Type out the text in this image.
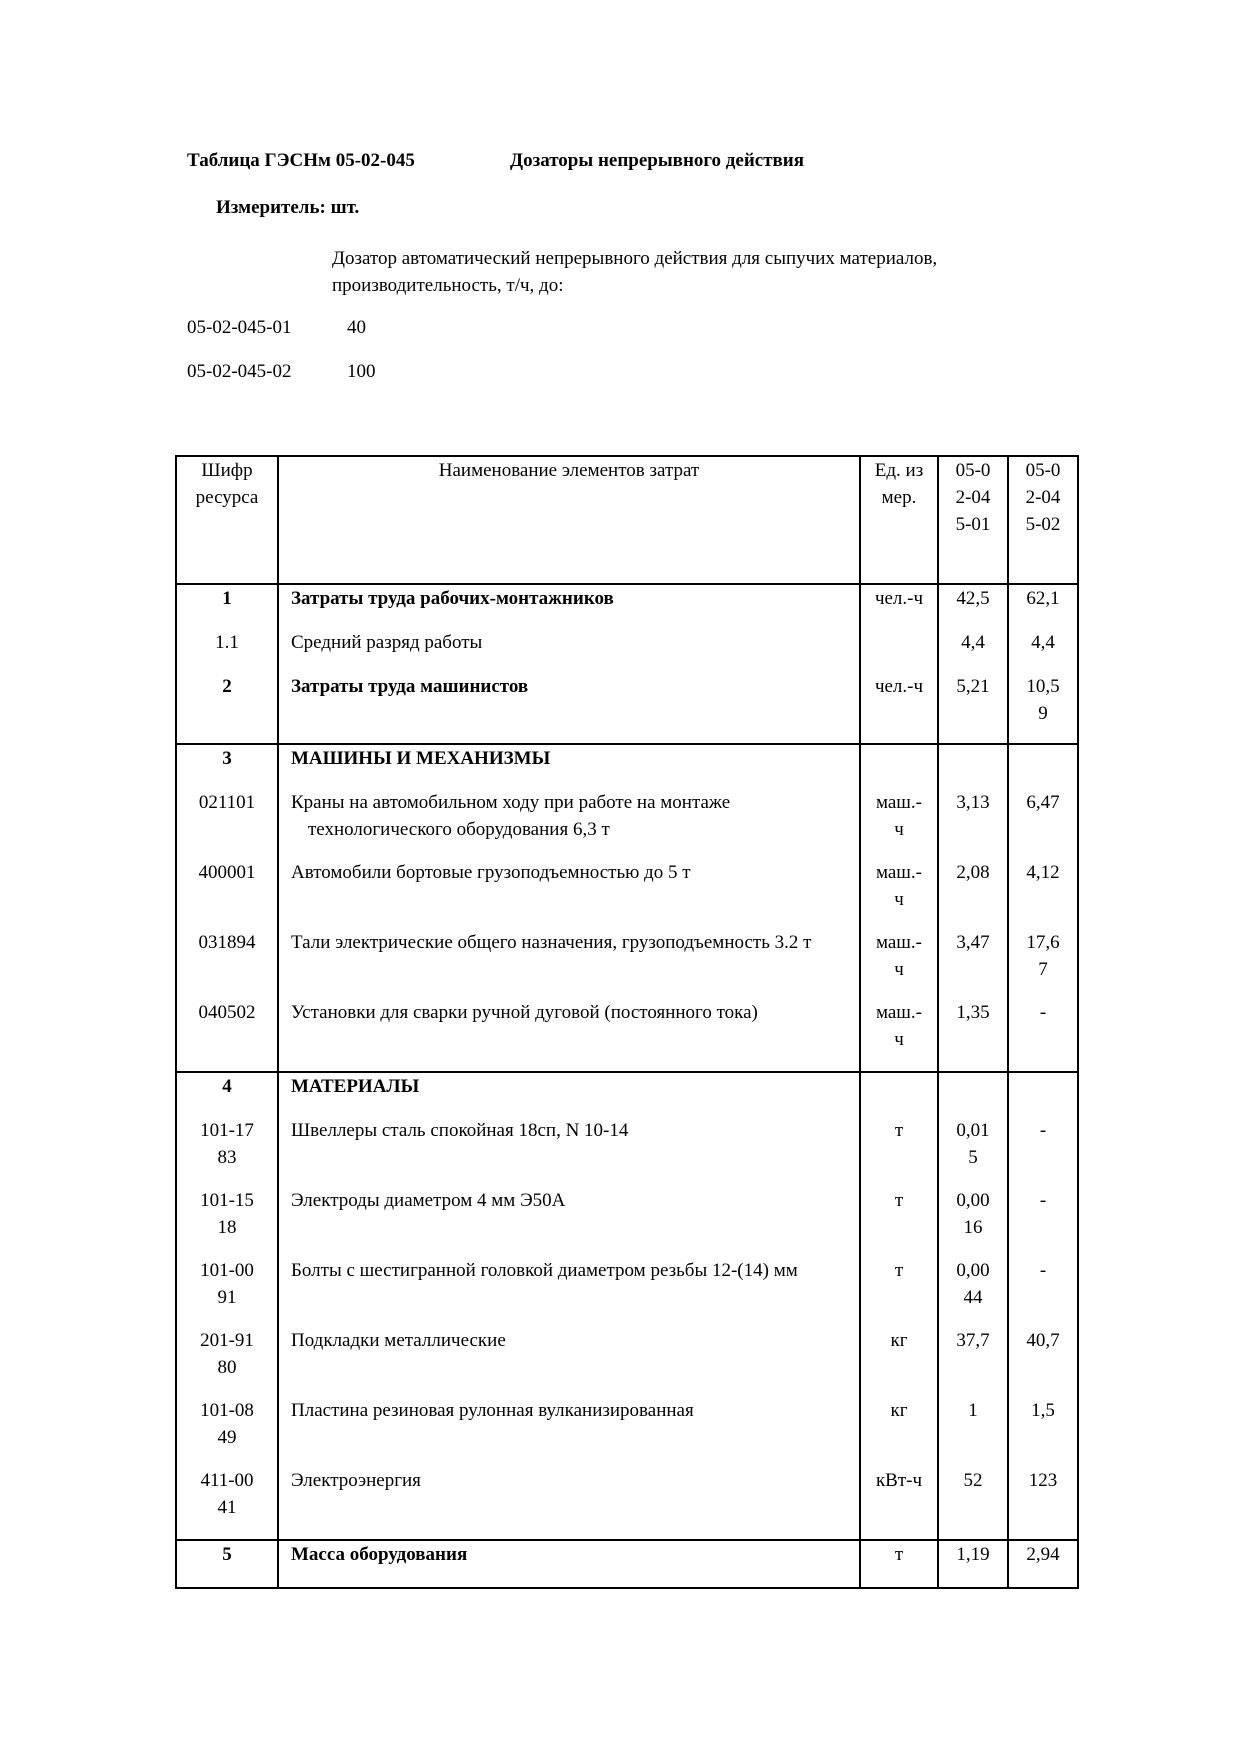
Таблица ГЭСНм 05-02-045	Дозаторы непрерывного действия
Измеритель: шт.
Дозатор автоматический непрерывного действия для сыпучих материалов,
производительность, т/ч, до:
05-02-045-01	40
05-02-045-02	100
Шифр ресурса	Наименование элементов затрат	Ед. измер.	05-02-045-01	05-02-045-02

1	Затраты труда рабочих-монтажников	чел.-ч	42,5	62,1

1.1	Средний разряд работы		4,4	4,4

2	Затраты труда машинистов	чел.-ч	5,21	10,59

3	МАШИНЫ И МЕХАНИЗМЫ			

021101	Краны на автомобильном ходу при работе на монтаже технологического оборудования 6,3 т	маш.-ч	3,13	6,47

400001	Автомобили бортовые грузоподъемностью до 5 т	маш.-ч	2,08	4,12

031894	Тали электрические общего назначения, грузоподъемность 3.2 т	маш.-ч	3,47	17,67

040502	Установки для сварки ручной дуговой (постоянного тока)	маш.-ч	1,35	-

4	МАТЕРИАЛЫ			

101-1783	Швеллеры сталь спокойная 18сп, N 10-14	т	0,015	-

101-1518	Электроды диаметром 4 мм Э50А	т	0,0016	-

101-0091	Болты с шестигранной головкой диаметром резьбы 12-(14) мм	т	0,0044	-

201-9180	Подкладки металлические	кг	37,7	40,7

101-0849	Пластина резиновая рулонная вулканизированная	кг	1	1,5

411-0041	Электроэнергия	кВт-ч	52	123

5	Масса оборудования	т	1,19	2,94
